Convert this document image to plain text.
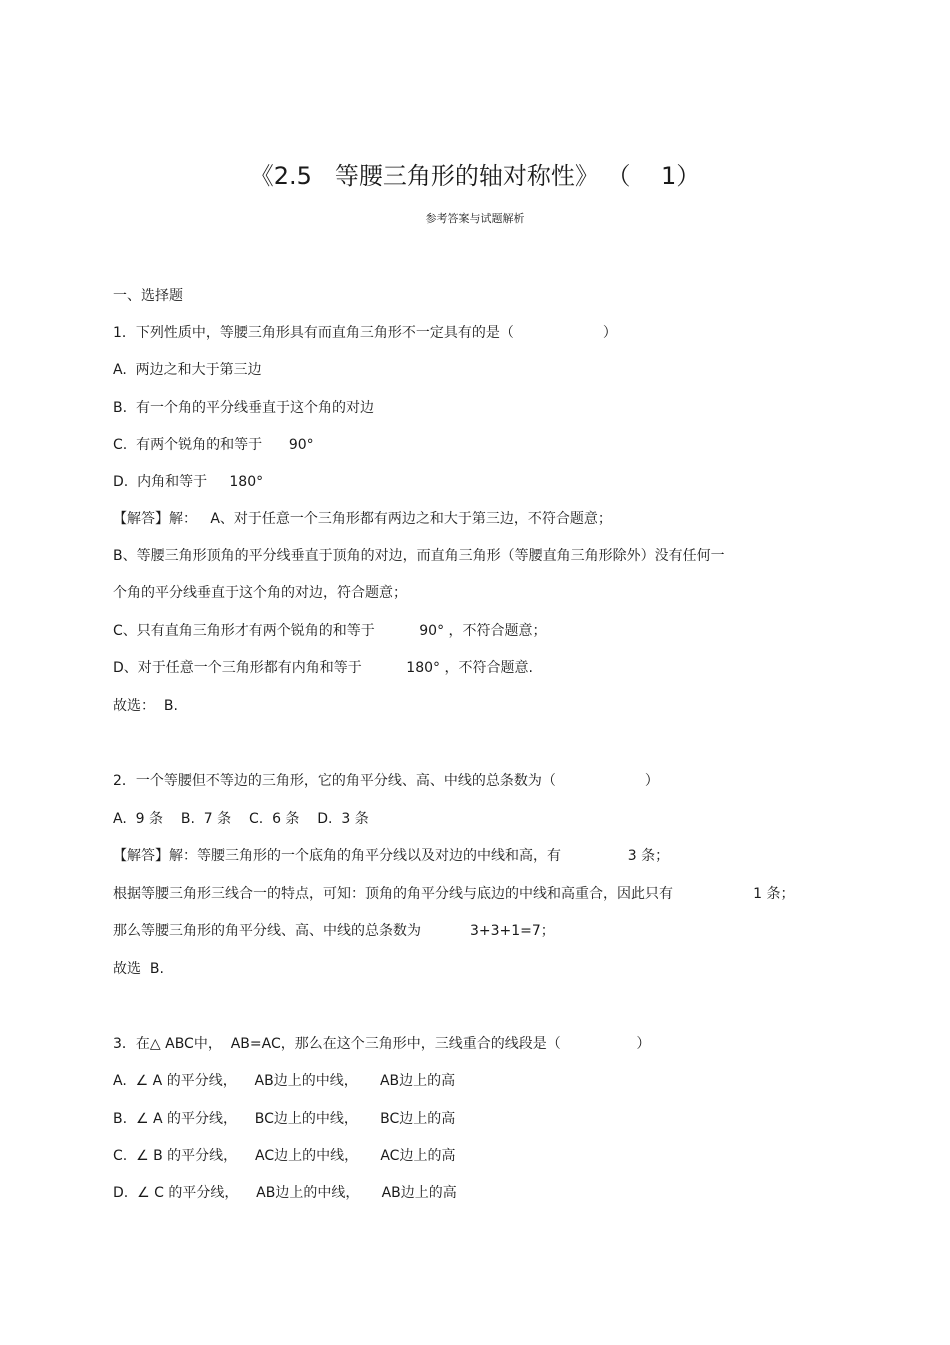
《2.5   等腰三角形的轴对称性》 （    1）
参考答案与试题解析
一、选择题
1．下列性质中，等腰三角形具有而直角三角形不一定具有的是（                    ）
A.  两边之和大于第三边
B.  有一个角的平分线垂直于这个角的对边
C.  有两个锐角的和等于      90°
D.  内角和等于     180°
【解答】解：   A、对于任意一个三角形都有两边之和大于第三边，不符合题意；
B、等腰三角形顶角的平分线垂直于顶角的对边，而直角三角形（等腰直角三角形除外）没有任何一
个角的平分线垂直于这个角的对边，符合题意；
C、只有直角三角形才有两个锐角的和等于          90° ，不符合题意；
D、对于任意一个三角形都有内角和等于          180° ，不符合题意.
故选：  B.
2．一个等腰但不等边的三角形，它的角平分线、高、中线的总条数为（                    ）
A.  9 条    B.  7 条    C.  6 条    D.  3 条
【解答】解：等腰三角形的一个底角的角平分线以及对边的中线和高，有               3 条；
根据等腰三角形三线合一的特点，可知：顶角的角平分线与底边的中线和高重合，因此只有                  1 条；
那么等腰三角形的角平分线、高、中线的总条数为           3+3+1=7；
故选  B.
3．在△ ABC中，  AB=AC，那么在这个三角形中，三线重合的线段是（                 ）
A.  ∠ A 的平分线，    AB边上的中线，     AB边上的高
B.  ∠ A 的平分线，    BC边上的中线，     BC边上的高
C.  ∠ B 的平分线，    AC边上的中线，     AC边上的高
D.  ∠ C 的平分线，    AB边上的中线，     AB边上的高
